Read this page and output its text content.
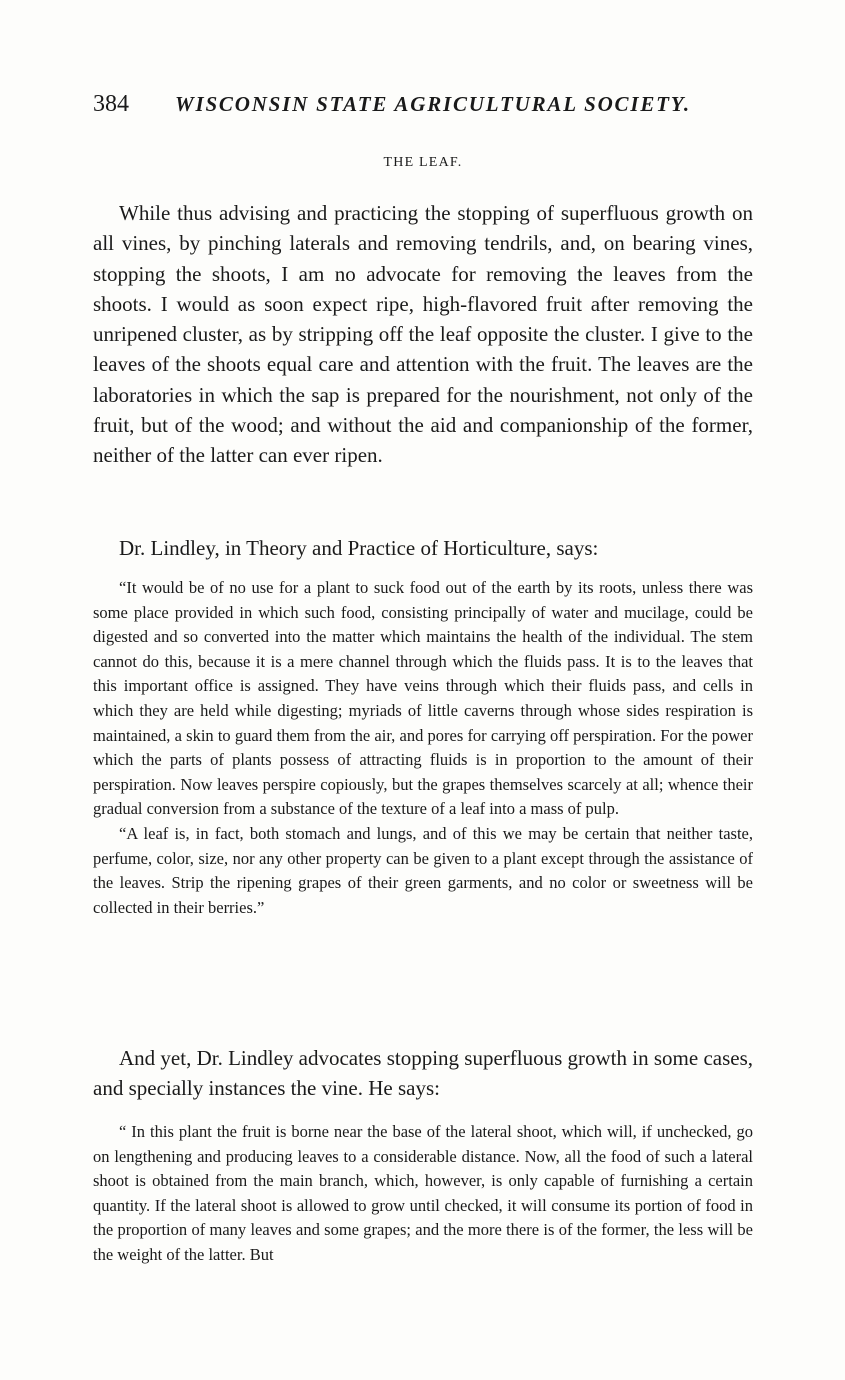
384 WISCONSIN STATE AGRICULTURAL SOCIETY.
THE LEAF.

While thus advising and practicing the stopping of superfluous growth on all vines, by pinching laterals and removing tendrils, and, on bearing vines, stopping the shoots, I am no advocate for removing the leaves from the shoots. I would as soon expect ripe, high-flavored fruit after removing the unripened cluster, as by stripping off the leaf opposite the cluster. I give to the leaves of the shoots equal care and attention with the fruit. The leaves are the laboratories in which the sap is prepared for the nourishment, not only of the fruit, but of the wood; and without the aid and companionship of the former, neither of the latter can ever ripen.

Dr. Lindley, in Theory and Practice of Horticulture, says:

“It would be of no use for a plant to suck food out of the earth by its roots, unless there was some place provided in which such food, consisting principally of water and mucilage, could be digested and so converted into the matter which maintains the health of the individual. The stem cannot do this, because it is a mere channel through which the fluids pass. It is to the leaves that this important office is assigned. They have veins through which their fluids pass, and cells in which they are held while digesting; myriads of little caverns through whose sides respiration is maintained, a skin to guard them from the air, and pores for carrying off perspiration. For the power which the parts of plants possess of attracting fluids is in proportion to the amount of their perspiration. Now leaves perspire copiously, but the grapes themselves scarcely at all; whence their gradual conversion from a substance of the texture of a leaf into a mass of pulp.

“A leaf is, in fact, both stomach and lungs, and of this we may be certain that neither taste, perfume, color, size, nor any other property can be given to a plant except through the assistance of the leaves. Strip the ripening grapes of their green garments, and no color or sweetness will be collected in their berries.”

And yet, Dr. Lindley advocates stopping superfluous growth in some cases, and specially instances the vine. He says:

“ In this plant the fruit is borne near the base of the lateral shoot, which will, if unchecked, go on lengthening and producing leaves to a considerable distance. Now, all the food of such a lateral shoot is obtained from the main branch, which, however, is only capable of furnishing a certain quantity. If the lateral shoot is allowed to grow until checked, it will consume its portion of food in the proportion of many leaves and some grapes; and the more there is of the former, the less will be the weight of the latter. But
